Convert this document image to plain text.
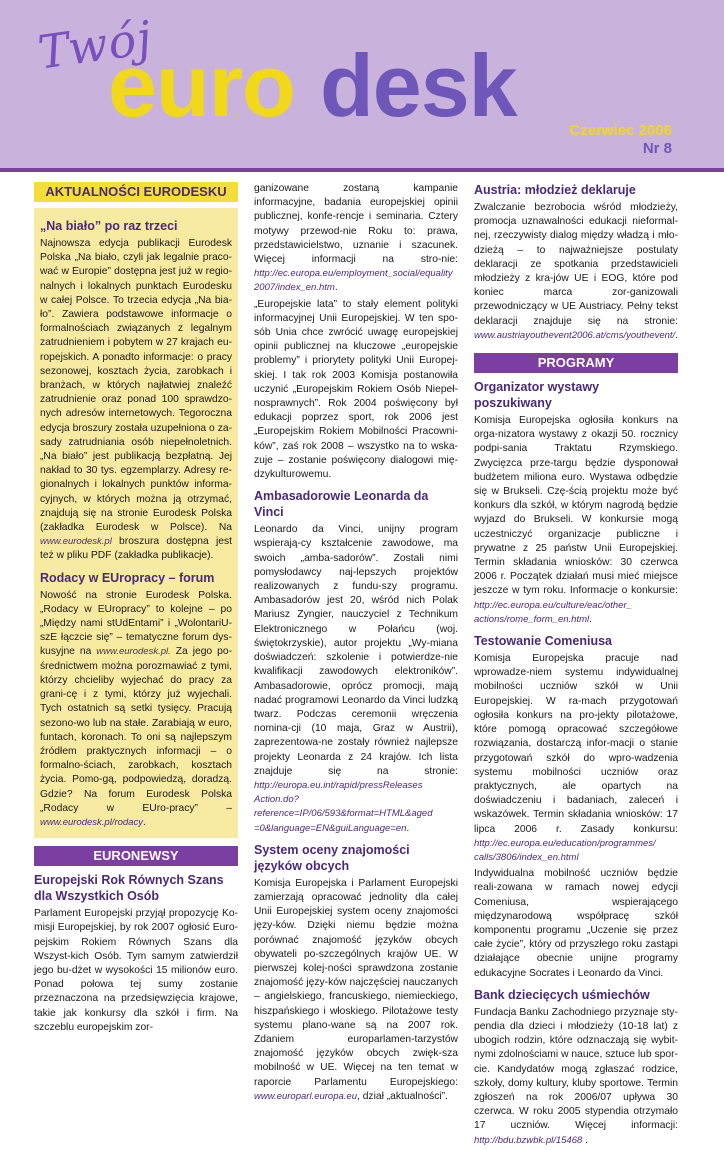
Twój
euro desk	Czerwiec 2006
Nr 8
AKTUALNOŚCI EURODESKU
„Na biało” po raz trzeci

Najnowsza edycja publikacji Eurodesk Polska „Na biało, czyli jak legalnie praco-wać w Europie” dostępna jest już w regio-nalnych i lokalnych punktach Eurodesku w całej Polsce. To trzecia edycja „Na bia-ło”. Zawiera podstawowe informacje o formalnościach związanych z legalnym zatrudnieniem i pobytem w 27 krajach eu-ropejskich. A ponadto informacje: o pracy sezonowej, kosztach życia, zarobkach i branżach, w których najłatwiej znaleźć zatrudnienie oraz ponad 100 sprawdzo-nych adresów internetowych. Tegoroczna edycja broszury została uzupełniona o za-sady zatrudniania osób niepełnoletnich. „Na biało” jest publikacją bezpłatną. Jej nakład to 30 tys. egzemplarzy. Adresy re-gionalnych i lokalnych punktów informa-cyjnych, w których można ją otrzymać, znajdują się na stronie Eurodesk Polska (zakładka Eurodesk w Polsce). Na www.eurodesk.pl broszura dostępna jest też w pliku PDF (zakładka publikacje).

Rodacy w EUropracy – forum

Nowość na stronie Eurodesk Polska. „Rodacy w EUropracy” to kolejne – po „Między nami stUdEntami” i „WolontariU-szE łączcie się” – tematyczne forum dys-kusyjne na www.eurodesk.pl. Za jego po-średnictwem można porozmawiać z tymi, którzy chcieliby wyjechać do pracy za grani-cę i z tymi, którzy już wyjechali. Tych ostatnich są setki tysięcy. Pracują sezono-wo lub na stałe. Zarabiają w euro, funtach, koronach. To oni są najlepszym źródłem praktycznych informacji – o formalno-ściach, zarobkach, kosztach życia. Pomo-gą, podpowiedzą, doradzą. Gdzie? Na forum Eurodesk Polska „Rodacy w EUro-pracy” – www.eurodesk.pl/rodacy.

EURONEWSY
Europejski Rok Równych Szans dla Wszystkich Osób

Parlament Europejski przyjął propozycję Ko-misji Europejskiej, by rok 2007 ogłosić Euro-pejskim Rokiem Równych Szans dla Wszyst-kich Osób. Tym samym zatwierdził jego bu-dżet w wysokości 15 milionów euro. Ponad połowa tej sumy zostanie przeznaczona na przedsięwzięcia krajowe, takie jak konkursy dla szkół i firm. Na szczeblu europejskim zor-

ganizowane zostaną kampanie informacyjne, badania europejskiej opinii publicznej, konfe-rencje i seminaria. Cztery motywy przewod-nie Roku to: prawa, przedstawicielstwo, uznanie i szacunek. Więcej informacji na stro-nie: http://ec.europa.eu/employment_social/equality 2007/index_en.htm.

„Europejskie lata” to stały element polityki informacyjnej Unii Europejskiej. W ten spo-sób Unia chce zwrócić uwagę europejskiej opinii publicznej na kluczowe „europejskie problemy” i priorytety polityki Unii Europej-skiej. I tak rok 2003 Komisja postanowiła uczynić „Europejskim Rokiem Osób Niepeł-nosprawnych”. Rok 2004 poświęcony był edukacji poprzez sport, rok 2006 jest „Europejskim Rokiem Mobilności Pracowni-ków”, zaś rok 2008 – wszystko na to wska-zuje – zostanie poświęcony dialogowi mię-dzykulturowemu.

Ambasadorowie Leonarda da Vinci

Leonardo da Vinci, unijny program wspierają-cy kształcenie zawodowe, ma swoich „amba-sadorów”. Zostali nimi pomysłodawcy naj-lepszych projektów realizowanych z fundu-szy programu. Ambasadorów jest 20, wśród nich Polak Mariusz Zyngier, nauczyciel z Technikum Elektronicznego w Połańcu (woj. świętokrzyskie), autor projektu „Wy-miana doświadczeń: szkolenie i potwierdze-nie kwalifikacji zawodowych elektroników”. Ambasadorowie, oprócz promocji, mają nadać programowi Leonardo da Vinci ludzką twarz. Podczas ceremonii wręczenia nomina-cji (10 maja, Graz w Austrii), zaprezentowa-ne zostały również najlepsze projekty Leonarda z 24 krajów. Ich lista znajduje się na stronie: http://europa.eu.int/rapid/pressReleases Action.do?reference=IP/06/593&format=HTML&aged =0&language=EN&guiLanguage=en.

System oceny znajomości języków obcych

Komisja Europejska i Parlament Europejski zamierzają opracować jednolity dla całej Unii Europejskiej system oceny znajomości języ-ków. Dzięki niemu będzie można porównać znajomość języków obcych obywateli po-szczególnych krajów UE. W pierwszej kolej-ności sprawdzona zostanie znajomość języ-ków najczęściej nauczanych – angielskiego, francuskiego, niemieckiego, hiszpańskiego i włoskiego. Pilotażowe testy systemu plano-wane są na 2007 rok. Zdaniem europarlamen-tarzystów znajomość języków obcych zwięk-sza mobilność w UE. Więcej na ten temat w raporcie Parlamentu Europejskiego: www.europarl.europa.eu, dział „aktualności”.

Austria: młodzież deklaruje

Zwalczanie bezrobocia wśród młodzieży, promocja uznawalności edukacji nieformal-nej, rzeczywisty dialog między władzą i mło-dzieżą – to najważniejsze postulaty deklaracji ze spotkania przedstawicieli młodzieży z kra-jów UE i EOG, które pod koniec marca zor-ganizowali przewodniczący w UE Austriacy. Pełny tekst deklaracji znajduje się na stronie: www.austriayouthevent2006.at/cms/youthevent/.

PROGRAMY
Organizator wystawy poszukiwany

Komisja Europejska ogłosiła konkurs na orga-nizatora wystawy z okazji 50. rocznicy podpi-sania Traktatu Rzymskiego. Zwycięzca prze-targu będzie dysponował budżetem miliona euro. Wystawa odbędzie się w Brukseli. Czę-ścią projektu może być konkurs dla szkół, w którym nagrodą będzie wyjazd do Brukseli. W konkursie mogą uczestniczyć organizacje publiczne i prywatne z 25 państw Unii Europejskiej. Termin składania wniosków: 30 czerwca 2006 r. Początek działań musi mieć miejsce jeszcze w tym roku. Informacje o konkursie: http://ec.europa.eu/culture/eac/other_ actions/rome_form_en.html.

Testowanie Comeniusa

Komisja Europejska pracuje nad wprowadze-niem systemu indywidualnej mobilności uczniów szkół w Unii Europejskiej. W ra-mach przygotowań ogłosiła konkurs na pro-jekty pilotażowe, które pomogą opracować szczegółowe rozwiązania, dostarczą infor-macji o stanie przygotowań szkół do wpro-wadzenia systemu mobilności uczniów oraz praktycznych, ale opartych na doświadczeniu i badaniach, zaleceń i wskazówek. Termin składania wniosków: 17 lipca 2006 r. Zasady konkursu: http://ec.europa.eu/education/programmes/ calls/3806/index_en.html

Indywidualna mobilność uczniów będzie reali-zowana w ramach nowej edycji Comeniusa, wspierającego międzynarodową współpracę szkół komponentu programu „Uczenie się przez całe życie”, który od przyszłego roku zastąpi działające obecnie unijne programy edukacyjne Socrates i Leonardo da Vinci.

Bank dziecięcych uśmiechów

Fundacja Banku Zachodniego przyznaje sty-pendia dla dzieci i młodzieży (10-18 lat) z ubogich rodzin, które odznaczają się wybit-nymi zdolnościami w nauce, sztuce lub spor-cie. Kandydatów mogą zgłaszać rodzice, szkoły, domy kultury, kluby sportowe. Termin zgłoszeń na rok 2006/07 upływa 30 czerwca. W roku 2005 stypendia otrzymało 17 uczniów. Więcej informacji: http://bdu.bzwbk.pl/15468 .
